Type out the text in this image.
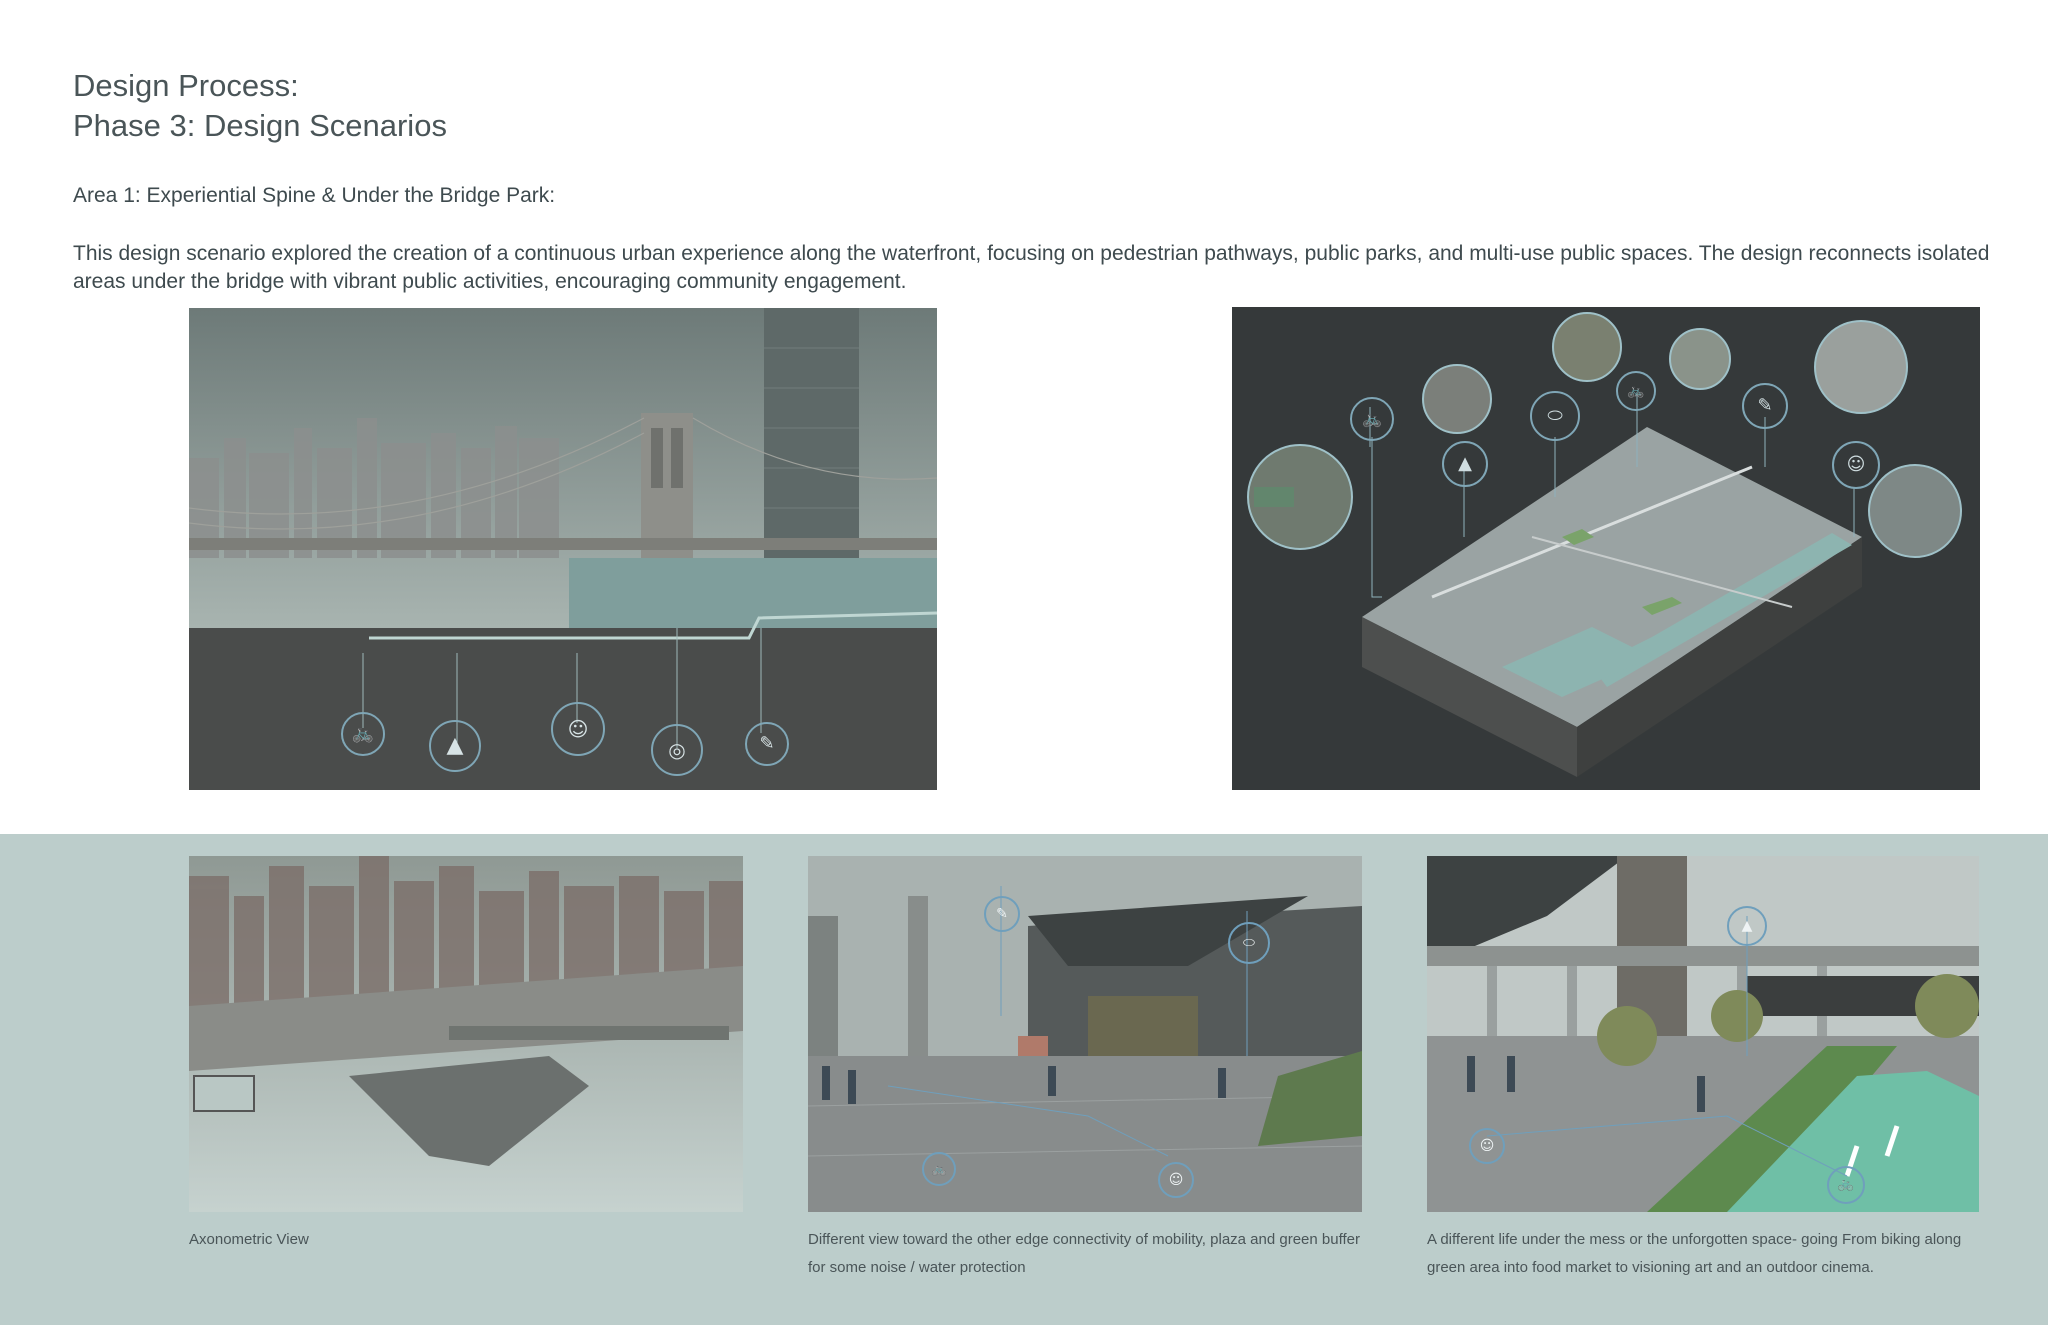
Design Process:
Phase 3: Design Scenarios
Area 1: Experiential Spine & Under the Bridge Park:
This design scenario explored the creation of a continuous urban experience along the waterfront, focusing on pedestrian pathways, public parks, and multi-use public spaces. The design reconnects isolated areas under the bridge with vibrant public activities, encouraging community engagement.
🚲	▲
☺
◎	✎
🚲
▲
⬭
🚲
✎
☺
✎
⬭
🚲
☺
▲
☺
🚲
Axonometric View	Different view toward the other edge connectivity of mobility, plaza and green buffer for some noise / water protection
A different life under the mess or the unforgotten space- going From biking along green area into food market to visioning art and an outdoor cinema.
